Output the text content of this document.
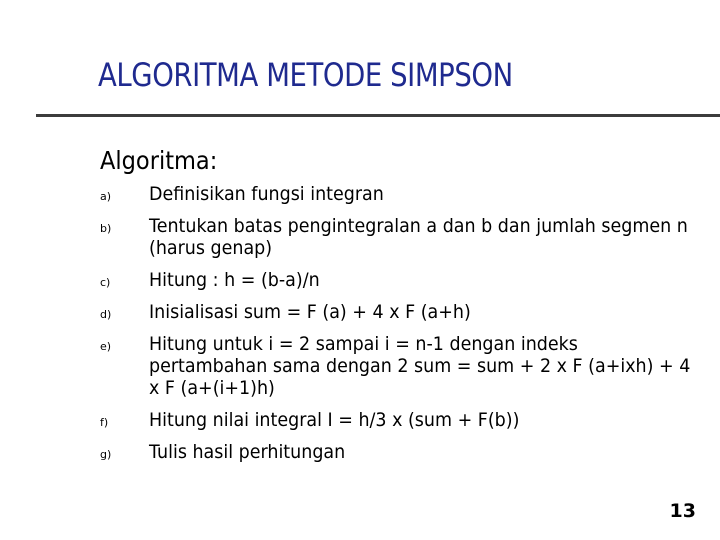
ALGORITMA METODE SIMPSON
Algoritma:
a) Definisikan fungsi integran
b) Tentukan batas pengintegralan a dan b dan jumlah segmen n (harus genap)
c) Hitung : h = (b-a)/n
d) Inisialisasi sum = F (a) + 4 x F (a+h)
e) Hitung untuk i = 2 sampai i = n-1 dengan indeks pertambahan sama dengan 2 sum = sum + 2 x F (a+ixh) + 4 x F (a+(i+1)h)
f) Hitung nilai integral I = h/3 x (sum + F(b))
g) Tulis hasil perhitungan
13
